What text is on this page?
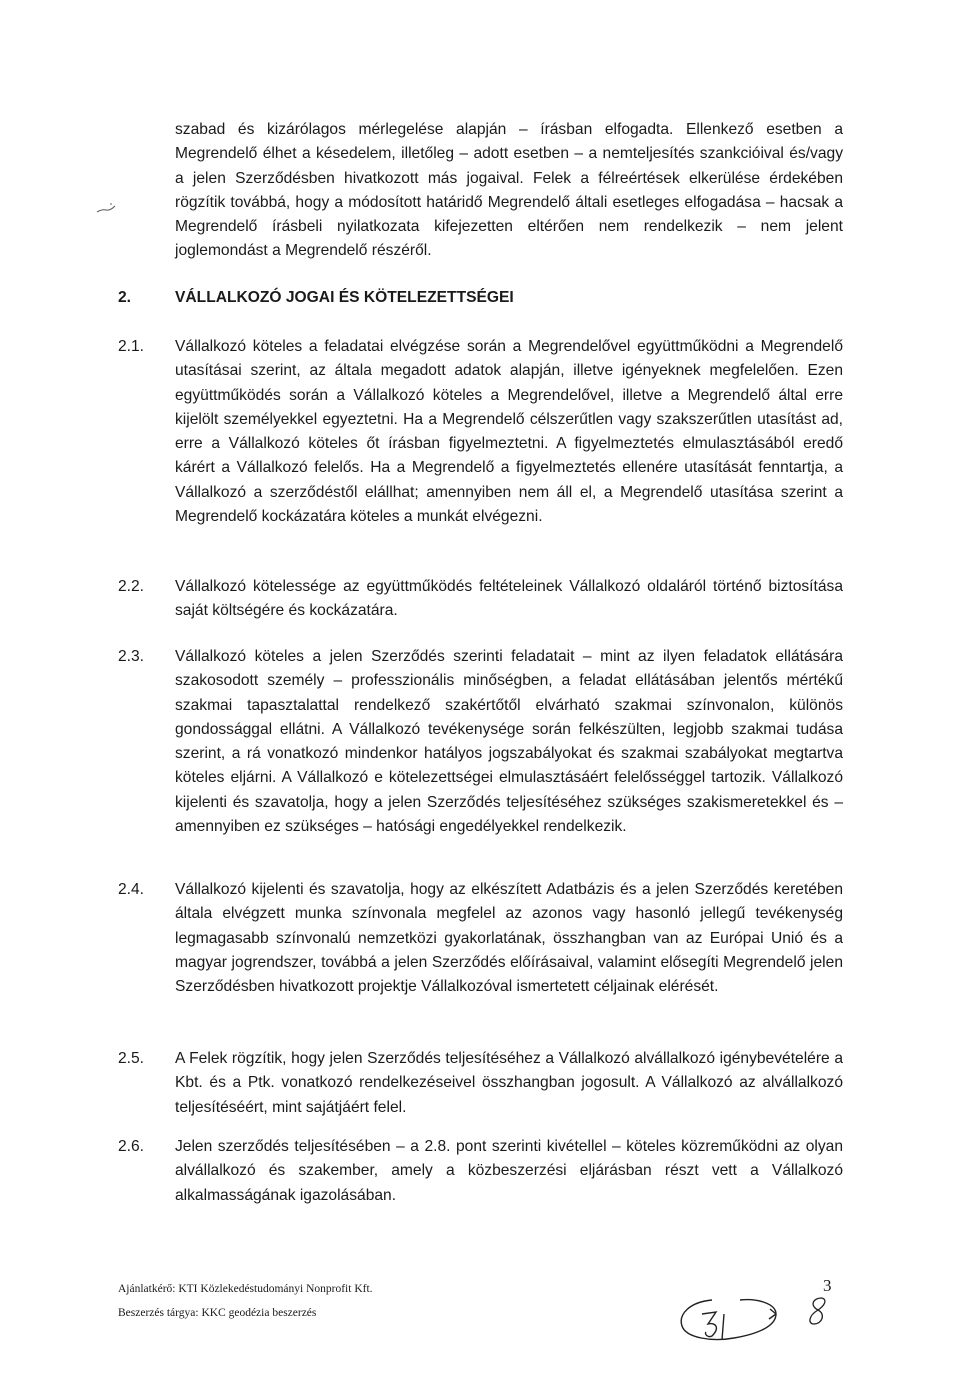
szabad és kizárólagos mérlegelése alapján – írásban elfogadta. Ellenkező esetben a Megrendelő élhet a késedelem, illetőleg – adott esetben – a nemteljesítés szankcióival és/vagy a jelen Szerződésben hivatkozott más jogaival. Felek a félreértések elkerülése érdekében rögzítik továbbá, hogy a módosított határidő Megrendelő általi esetleges elfogadása – hacsak a Megrendelő írásbeli nyilatkozata kifejezetten eltérően nem rendelkezik – nem jelent joglemondást a Megrendelő részéről.

2.	VÁLLALKOZÓ JOGAI ÉS KÖTELEZETTSÉGEI
2.1. Vállalkozó köteles a feladatai elvégzése során a Megrendelővel együttműködni a Megrendelő utasításai szerint, az általa megadott adatok alapján, illetve igényeknek megfelelően. Ezen együttműködés során a Vállalkozó köteles a Megrendelővel, illetve a Megrendelő által erre kijelölt személyekkel egyeztetni. Ha a Megrendelő célszerűtlen vagy szakszerűtlen utasítást ad, erre a Vállalkozó köteles őt írásban figyelmeztetni. A figyelmeztetés elmulasztásából eredő kárért a Vállalkozó felelős. Ha a Megrendelő a figyelmeztetés ellenére utasítását fenntartja, a Vállalkozó a szerződéstől elállhat; amennyiben nem áll el, a Megrendelő utasítása szerint a Megrendelő kockázatára köteles a munkát elvégezni.

2.2. Vállalkozó kötelessége az együttműködés feltételeinek Vállalkozó oldaláról történő biztosítása saját költségére és kockázatára.

2.3. Vállalkozó köteles a jelen Szerződés szerinti feladatait – mint az ilyen feladatok ellátására szakosodott személy – professzionális minőségben, a feladat ellátásában jelentős mértékű szakmai tapasztalattal rendelkező szakértőtől elvárható szakmai színvonalon, különös gondossággal ellátni. A Vállalkozó tevékenysége során felkészülten, legjobb szakmai tudása szerint, a rá vonatkozó mindenkor hatályos jogszabályokat és szakmai szabályokat megtartva köteles eljárni. A Vállalkozó e kötelezettségei elmulasztásáért felelősséggel tartozik. Vállalkozó kijelenti és szavatolja, hogy a jelen Szerződés teljesítéséhez szükséges szakismeretekkel és – amennyiben ez szükséges – hatósági engedélyekkel rendelkezik.

2.4. Vállalkozó kijelenti és szavatolja, hogy az elkészített Adatbázis és a jelen Szerződés keretében általa elvégzett munka színvonala megfelel az azonos vagy hasonló jellegű tevékenység legmagasabb színvonalú nemzetközi gyakorlatának, összhangban van az Európai Unió és a magyar jogrendszer, továbbá a jelen Szerződés előírásaival, valamint elősegíti Megrendelő jelen Szerződésben hivatkozott projektje Vállalkozóval ismertetett céljainak elérését.

2.5. A Felek rögzítik, hogy jelen Szerződés teljesítéséhez a Vállalkozó alvállalkozó igénybevételére a Kbt. és a Ptk. vonatkozó rendelkezéseivel összhangban jogosult. A Vállalkozó az alvállalkozó teljesítéséért, mint sajátjáért felel.

2.6. Jelen szerződés teljesítésében – a 2.8. pont szerinti kivétellel – köteles közreműködni az olyan alvállalkozó és szakember, amely a közbeszerzési eljárásban részt vett a Vállalkozó alkalmasságának igazolásában.

Ajánlatkérő: KTI Közlekedéstudományi Nonprofit Kft.
Beszerzés tárgya: KKC geodézia beszerzés
3
